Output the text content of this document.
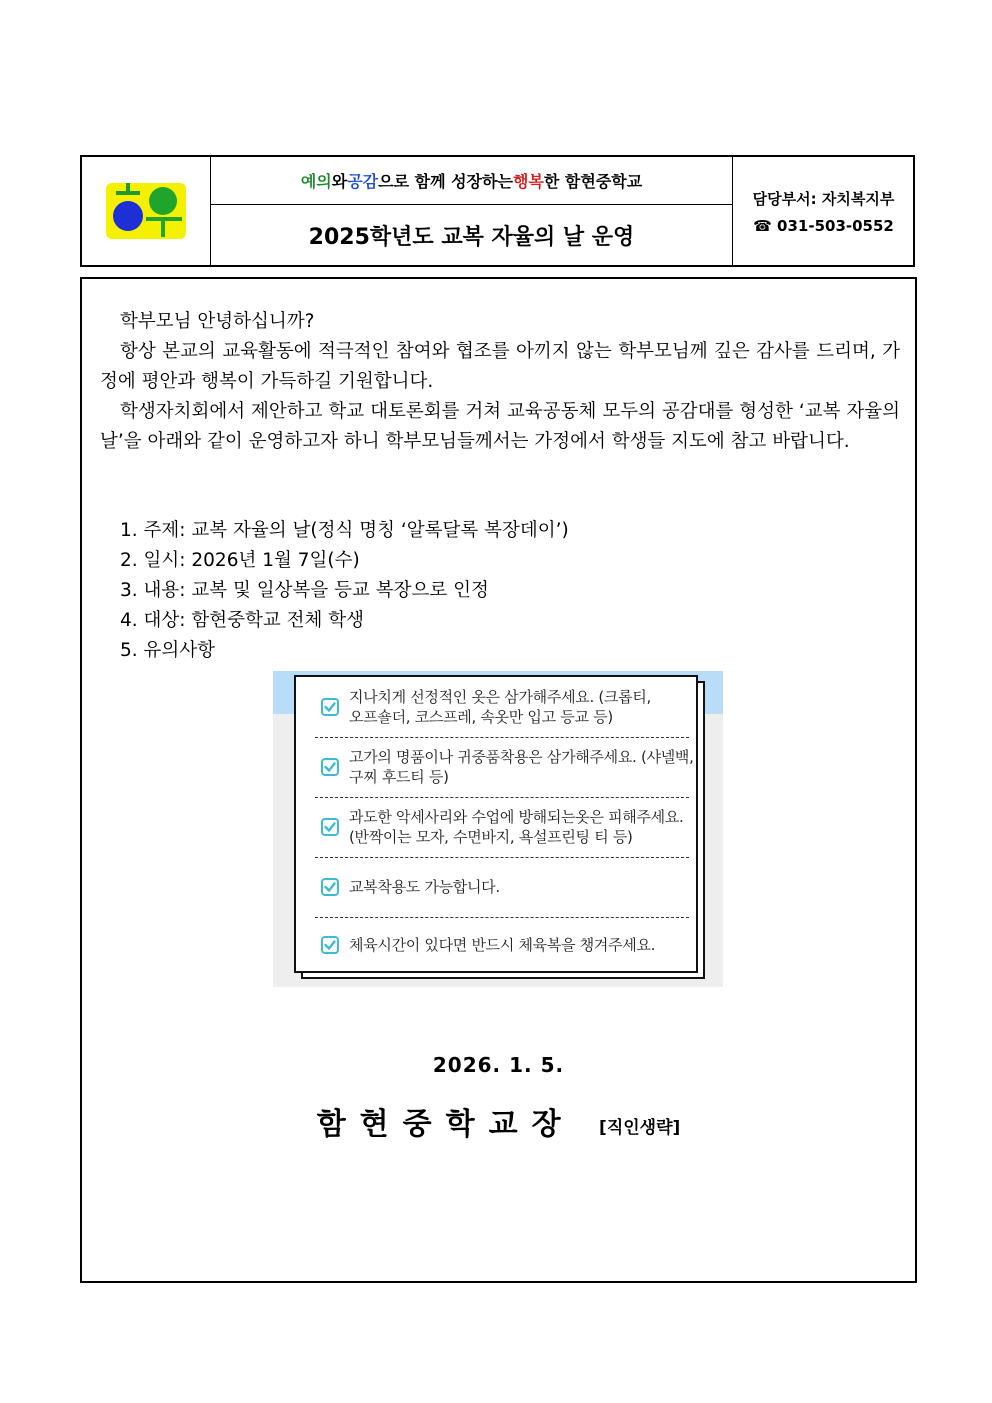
예의 와 공감 으로 함께 성장하는 행복 한 함현중학교
2025학년도 교복 자율의 날 운영
담당부서: 자치복지부
☎ 031-503-0552

학부모님 안녕하십니까?

항상 본교의 교육활동에 적극적인 참여와 협조를 아끼지 않는 학부모님께 깊은 감사를 드리며, 가정에 평안과 행복이 가득하길 기원합니다.

학생자치회에서 제안하고 학교 대토론회를 거쳐 교육공동체 모두의 공감대를 형성한 ‘교복 자율의 날’을 아래와 같이 운영하고자 하니 학부모님들께서는 가정에서 학생들 지도에 참고 바랍니다.

1. 주제: 교복 자율의 날(정식 명칭 ‘알록달록 복장데이’)
2. 일시: 2026년 1월 7일(수)
3. 내용: 교복 및 일상복을 등교 복장으로 인정
4. 대상: 함현중학교 전체 학생
5. 유의사항
지나치게 선정적인 옷은 삼가해주세요. (크롭티,
오프숄더, 코스프레, 속옷만 입고 등교 등)
고가의 명품이나 귀중품착용은 삼가해주세요. (샤넬백,
구찌 후드티 등)
과도한 악세사리와 수업에 방해되는옷은 피해주세요.
(반짝이는 모자, 수면바지, 욕설프린팅 티 등)
교복착용도 가능합니다.
체육시간이 있다면 반드시 체육복을 챙겨주세요.
2026. 1. 5.
함현중학교장 [직인생략]
